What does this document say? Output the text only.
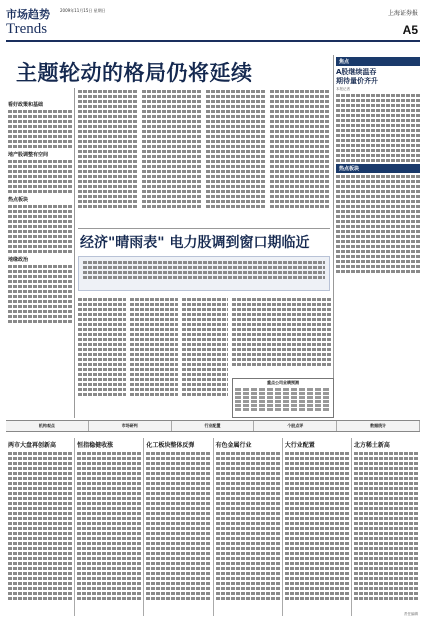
市场趋势
Trends
2009年11月15日 星期日	上海证券报
A5
主题轮动的格局仍将延续
看好政策和基础
地产股调整有空间
热点板块
地缘政治
焦点
A股继续温吞
期待量价齐升
本报记者
热点板块
经济"晴雨表" 电力股调到窗口期临近
重点公司业绩预测
机构观点	市场研判	行业配置	个股点评	数据统计
两市大盘再创新高	恒指稳健收涨	化工板块整体反弹	有色金属行业	大行业配置	北方稀土新高
责任编辑
